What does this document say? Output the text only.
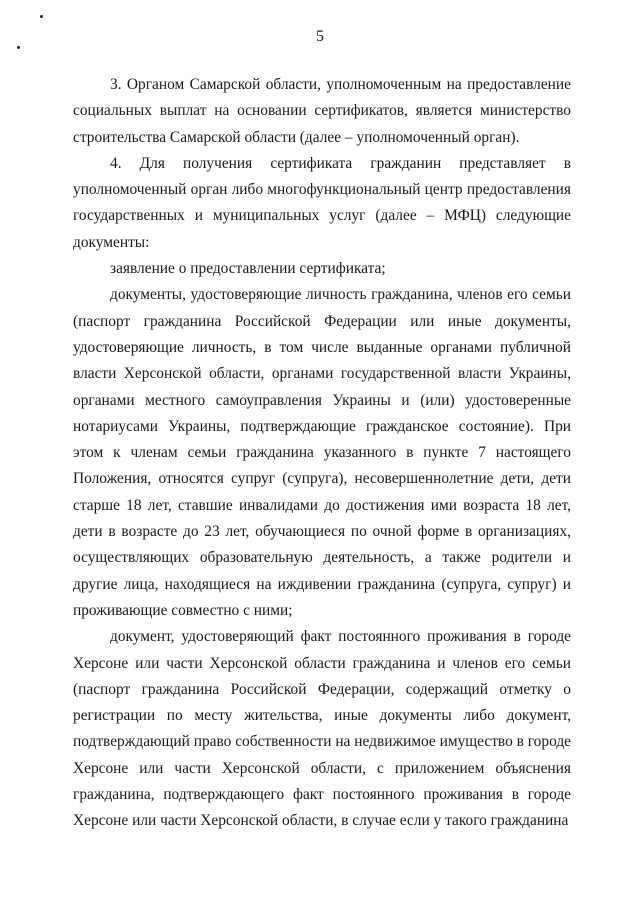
5

3. Органом Самарской области, уполномоченным на предоставление социальных выплат на основании сертификатов, является министерство строительства Самарской области (далее – уполномоченный орган).

4. Для получения сертификата гражданин представляет в уполномоченный орган либо многофункциональный центр предоставления государственных и муниципальных услуг (далее – МФЦ) следующие документы:

заявление о предоставлении сертификата;

документы, удостоверяющие личность гражданина, членов его семьи (паспорт гражданина Российской Федерации или иные документы, удостоверяющие личность, в том числе выданные органами публичной власти Херсонской области, органами государственной власти Украины, органами местного самоуправления Украины и (или) удостоверенные нотариусами Украины, подтверждающие гражданское состояние). При этом к членам семьи гражданина указанного в пункте 7 настоящего Положения, относятся супруг (супруга), несовершеннолетние дети, дети старше 18 лет, ставшие инвалидами до достижения ими возраста 18 лет, дети в возрасте до 23 лет, обучающиеся по очной форме в организациях, осуществляющих образовательную деятельность, а также родители и другие лица, находящиеся на иждивении гражданина (супруга, супруг) и проживающие совместно с ними;

документ, удостоверяющий факт постоянного проживания в городе Херсоне или части Херсонской области гражданина и членов его семьи (паспорт гражданина Российской Федерации, содержащий отметку о регистрации по месту жительства, иные документы либо документ, подтверждающий право собственности на недвижимое имущество в городе Херсоне или части Херсонской области, с приложением объяснения гражданина, подтверждающего факт постоянного проживания в городе Херсоне или части Херсонской области, в случае если у такого гражданина
